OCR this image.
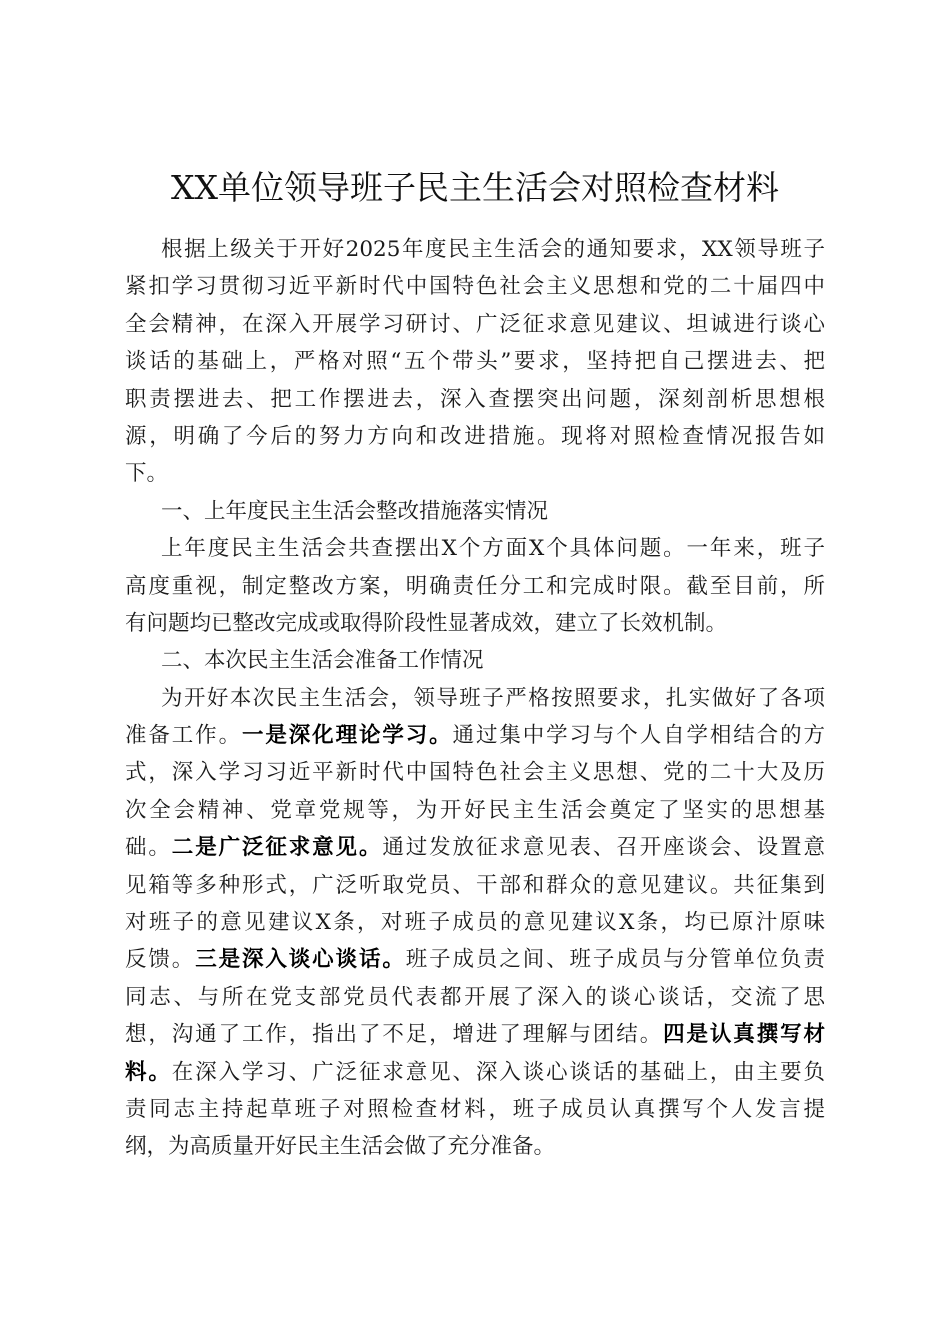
XX单位领导班子民主生活会对照检查材料
根据上级关于开好2025年度民主生活会的通知要求，XX领导班子
紧扣学习贯彻习近平新时代中国特色社会主义思想和党的二十届四中
全会精神，在深入开展学习研讨、广泛征求意见建议、坦诚进行谈心
谈话的基础上，严格对照“五个带头”要求，坚持把自己摆进去、把
职责摆进去、把工作摆进去，深入查摆突出问题，深刻剖析思想根
源，明确了今后的努力方向和改进措施。现将对照检查情况报告如
下。
一、上年度民主生活会整改措施落实情况
上年度民主生活会共查摆出X个方面X个具体问题。一年来，班子
高度重视，制定整改方案，明确责任分工和完成时限。截至目前，所
有问题均已整改完成或取得阶段性显著成效，建立了长效机制。
二、本次民主生活会准备工作情况
为开好本次民主生活会，领导班子严格按照要求，扎实做好了各项
准备工作。一是深化理论学习。通过集中学习与个人自学相结合的方
式，深入学习习近平新时代中国特色社会主义思想、党的二十大及历
次全会精神、党章党规等，为开好民主生活会奠定了坚实的思想基
础。二是广泛征求意见。通过发放征求意见表、召开座谈会、设置意
见箱等多种形式，广泛听取党员、干部和群众的意见建议。共征集到
对班子的意见建议X条，对班子成员的意见建议X条，均已原汁原味
反馈。三是深入谈心谈话。班子成员之间、班子成员与分管单位负责
同志、与所在党支部党员代表都开展了深入的谈心谈话，交流了思
想，沟通了工作，指出了不足，增进了理解与团结。四是认真撰写材
料。在深入学习、广泛征求意见、深入谈心谈话的基础上，由主要负
责同志主持起草班子对照检查材料，班子成员认真撰写个人发言提
纲，为高质量开好民主生活会做了充分准备。
